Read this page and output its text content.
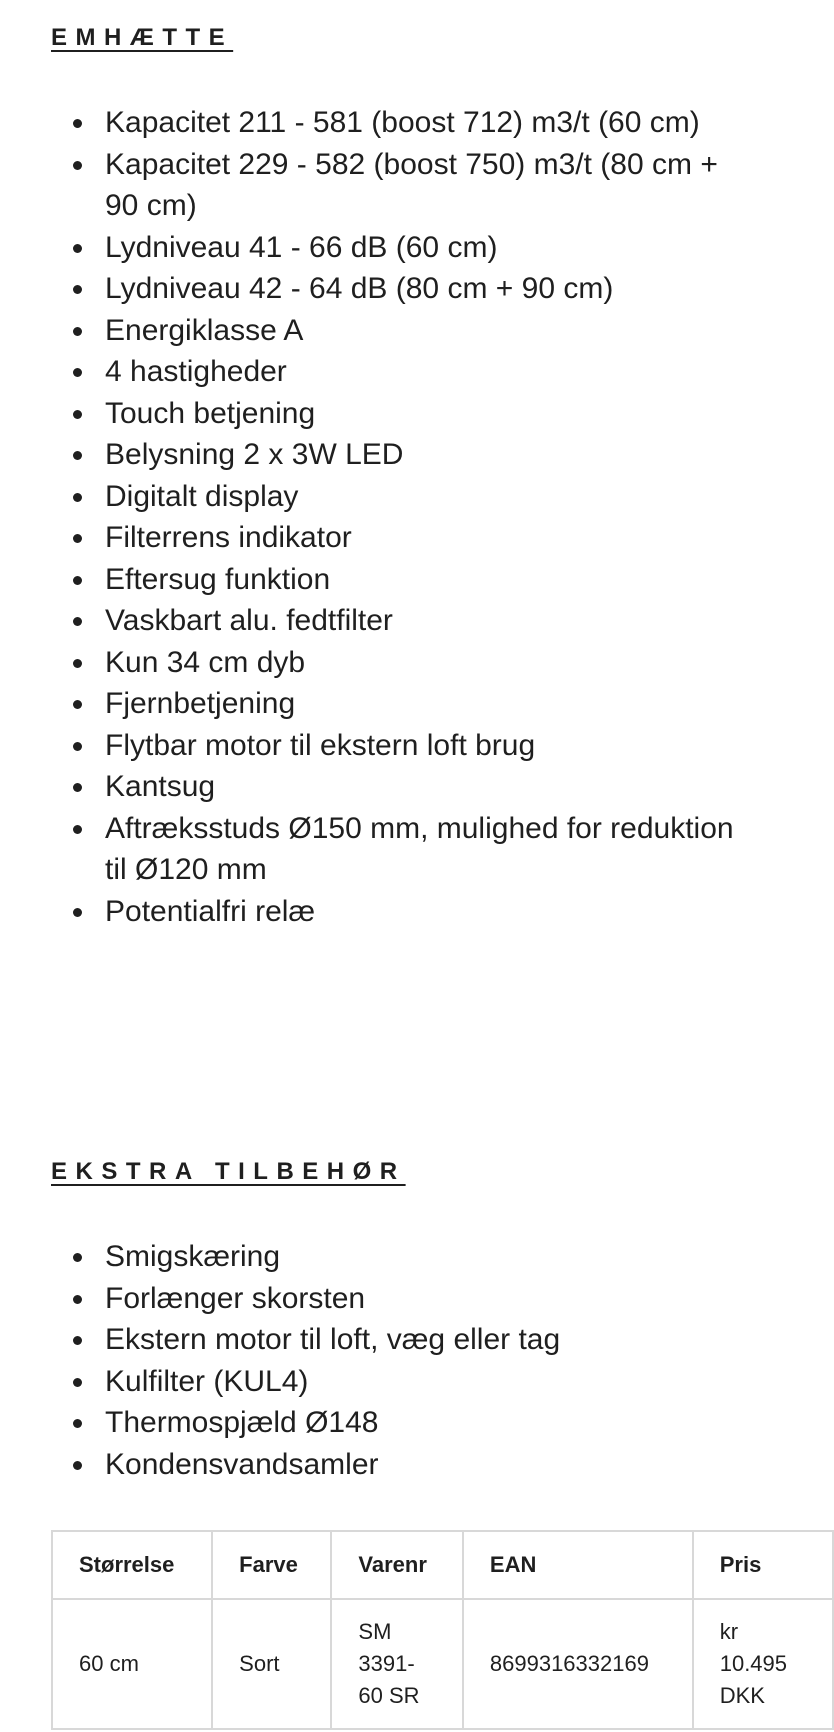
EMHÆTTE
Kapacitet 211 - 581 (boost 712) m3/t (60 cm)
Kapacitet 229 - 582 (boost 750) m3/t (80 cm + 90 cm)
Lydniveau 41 - 66 dB (60 cm)
Lydniveau 42 - 64 dB (80 cm + 90 cm)
Energiklasse A
4 hastigheder
Touch betjening
Belysning 2 x 3W LED
Digitalt display
Filterrens indikator
Eftersug funktion
Vaskbart alu. fedtfilter
Kun 34 cm dyb
Fjernbetjening
Flytbar motor til ekstern loft brug
Kantsug
Aftræksstuds Ø150 mm, mulighed for reduktion til Ø120 mm
Potentialfri relæ
EKSTRA TILBEHØR
Smigskæring
Forlænger skorsten
Ekstern motor til loft, væg eller tag
Kulfilter (KUL4)
Thermospjæld Ø148
Kondensvandsamler
Størrelse	Farve	Varenr	EAN	Pris
60 cm	Sort	SM 3391-60 SR	8699316332169	kr 10.495 DKK
